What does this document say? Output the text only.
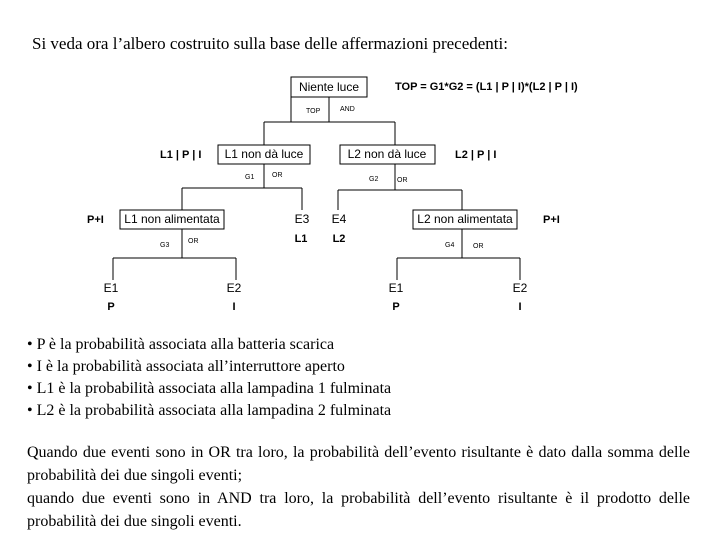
Si veda ora l’albero costruito sulla base delle affermazioni precedenti:
Niente luce
TOP	AND
TOP = G1*G2 = (L1 | P | I)*(L2 | P | I)
L1 non dà luce
G1	OR
L1 | P | I	L2 non dà luce
G2	OR
L2 | P | I
L1 non alimentata
G3
OR
P+I	L2 non alimentata
G4	OR
P+I
E3
L1
E4
L2
E1
P
E2
I
E1
P
E2
I
• P è la probabilità associata alla batteria scarica
• I è la probabilità associata all’interruttore aperto
• L1 è la probabilità associata alla lampadina 1 fulminata
• L2 è la probabilità associata alla lampadina 2 fulminata
Quando due eventi sono in OR tra loro, la probabilità dell’evento risultante è dato dalla somma delle probabilità dei due singoli eventi;
quando due eventi sono in AND tra loro, la probabilità dell’evento risultante è il prodotto delle probabilità dei due singoli eventi.
